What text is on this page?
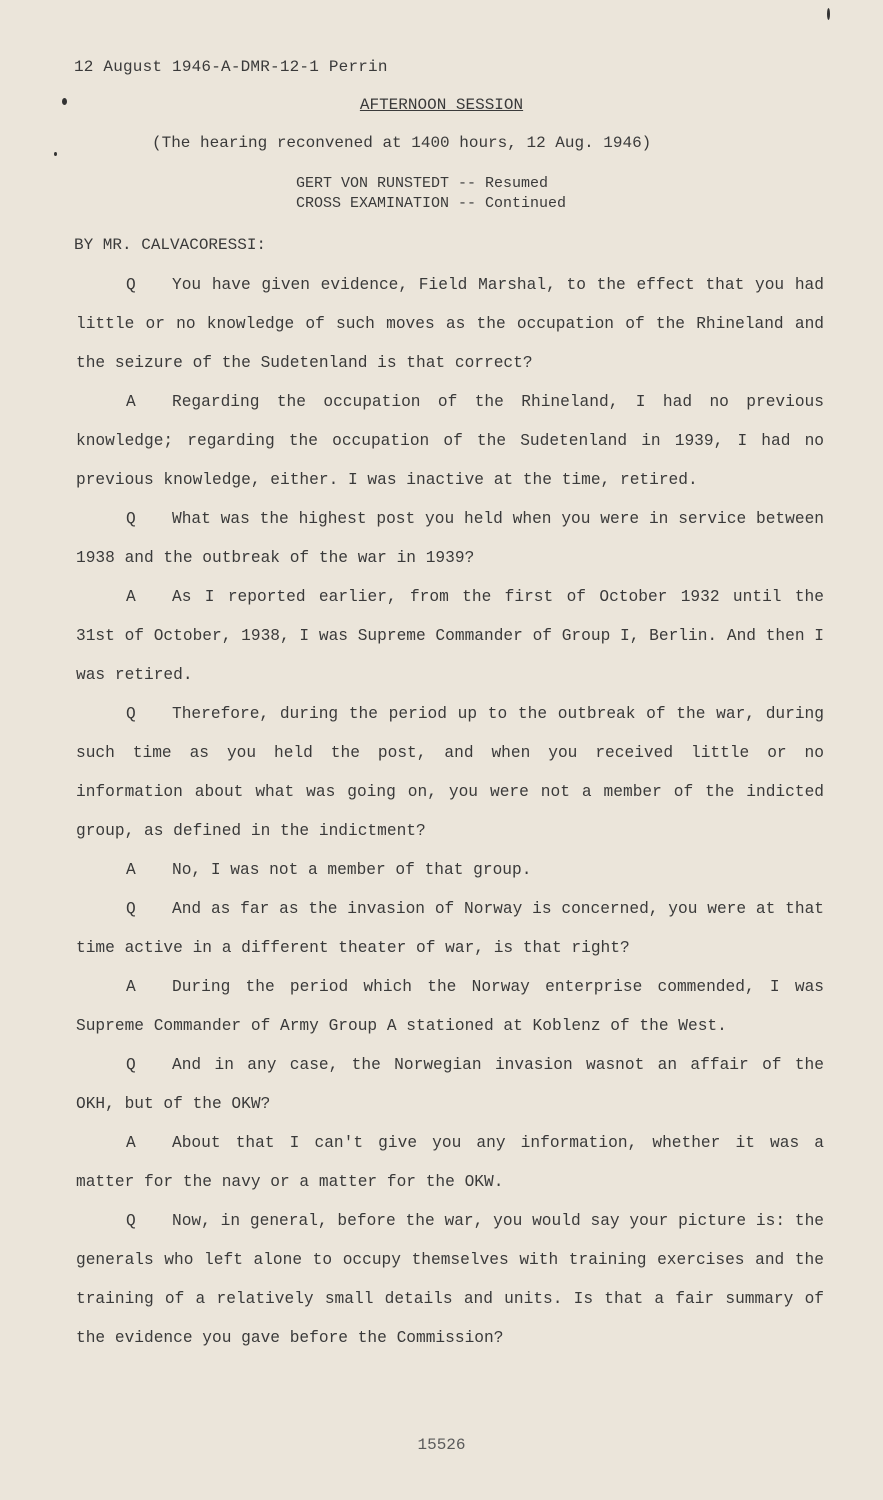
12 August 1946-A-DMR-12-1 Perrin
AFTERNOON SESSION
(The hearing reconvened at 1400 hours, 12 Aug. 1946)
GERT VON RUNSTEDT -- Resumed
CROSS EXAMINATION -- Continued
BY MR. CALVACORESSI:

Q You have given evidence, Field Marshal, to the effect that you had little or no knowledge of such moves as the occupation of the Rhineland and the seizure of the Sudetenland is that correct?

A Regarding the occupation of the Rhineland, I had no previous knowledge; regarding the occupation of the Sudetenland in 1939, I had no previous knowledge, either. I was inactive at the time, retired.

Q What was the highest post you held when you were in service between 1938 and the outbreak of the war in 1939?

A As I reported earlier, from the first of October 1932 until the 31st of October, 1938, I was Supreme Commander of Group I, Berlin. And then I was retired.

Q Therefore, during the period up to the outbreak of the war, during such time as you held the post, and when you received little or no information about what was going on, you were not a member of the indicted group, as defined in the indictment?

A No, I was not a member of that group.

Q And as far as the invasion of Norway is concerned, you were at that time active in a different theater of war, is that right?

A During the period which the Norway enterprise commended, I was Supreme Commander of Army Group A stationed at Koblenz of the West.

Q And in any case, the Norwegian invasion wasnot an affair of the OKH, but of the OKW?

A About that I can't give you any information, whether it was a matter for the navy or a matter for the OKW.

Q Now, in general, before the war, you would say your picture is: the generals who left alone to occupy themselves with training exercises and the training of a relatively small details and units. Is that a fair summary of the evidence you gave before the Commission?

15526
